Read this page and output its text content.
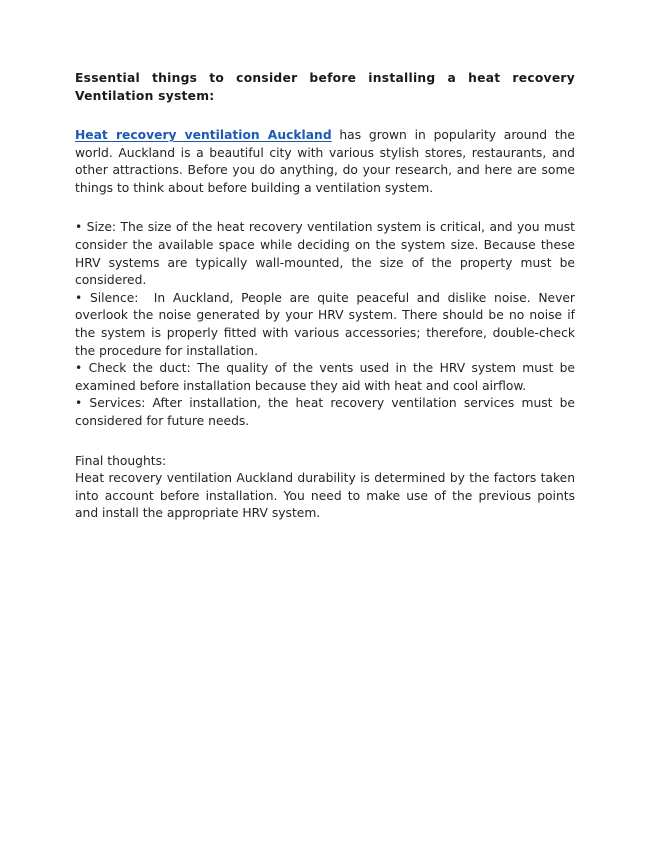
Essential things to consider before installing a heat recovery Ventilation system:

Heat recovery ventilation Auckland has grown in popularity around the world. Auckland is a beautiful city with various stylish stores, restaurants, and other attractions. Before you do anything, do your research, and here are some things to think about before building a ventilation system.

• Size: The size of the heat recovery ventilation system is critical, and you must consider the available space while deciding on the system size. Because these HRV systems are typically wall-mounted, the size of the property must be considered.

• Silence:  In Auckland, People are quite peaceful and dislike noise. Never overlook the noise generated by your HRV system. There should be no noise if the system is properly fitted with various accessories; therefore, double-check the procedure for installation.

• Check the duct: The quality of the vents used in the HRV system must be examined before installation because they aid with heat and cool airflow.

• Services: After installation, the heat recovery ventilation services must be considered for future needs.

Final thoughts:

Heat recovery ventilation Auckland durability is determined by the factors taken into account before installation. You need to make use of the previous points and install the appropriate HRV system.
